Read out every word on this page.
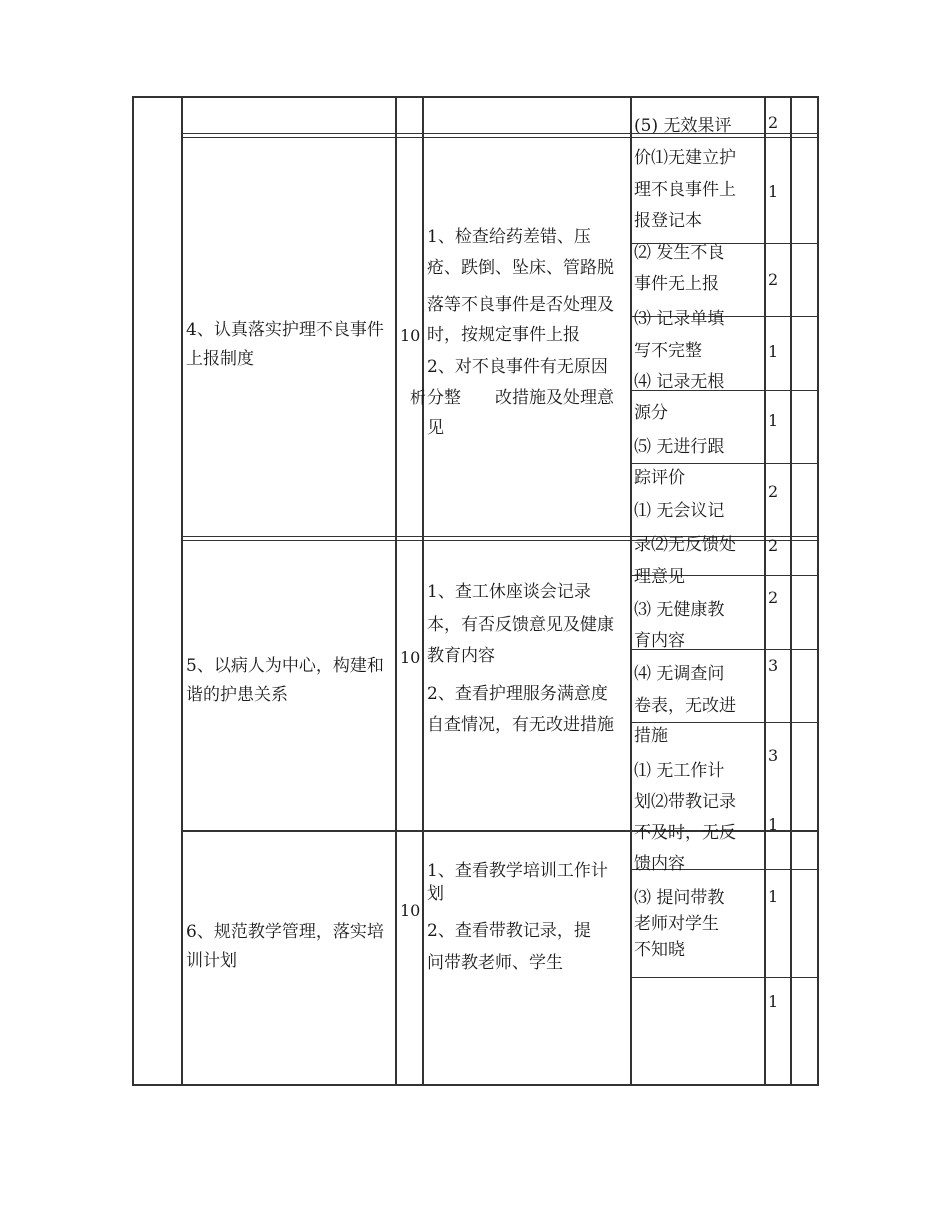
(5) 无效果评 2
4、认真落实护理不良事件上报制度
10
析
1、检查给药差错、压
疮、跌倒、坠床、管路脱
落等不良事件是否处理及
时，按规定事件上报
2、对不良事件有无原因
分整　　改措施及处理意
见
价⑴无建立护
理不良事件上
报登记本
⑵ 发生不良
事件无上报
⑶ 记录单填
写不完整
⑷ 记录无根
源分
⑸ 无进行跟
踪评价
⑴ 无会议记
录⑵无反馈处
理意见
1
2
1
1
2
5、以病人为中心，构建和谐的护患关系
10
1、查工休座谈会记录
本，有否反馈意见及健康
教育内容
2、查看护理服务满意度
自查情况，有无改进措施
⑶ 无健康教
育内容
⑷ 无调查问
卷表，无改进
措施
⑴ 无工作计
划⑵带教记录
不及时，无反
馈内容
2
2
3
3
1
6、规范教学管理，落实培训计划
10
1、查看教学培训工作计
划
2、查看带教记录，提
问带教老师、学生
⑶ 提问带教
老师对学生
不知晓
1
1
